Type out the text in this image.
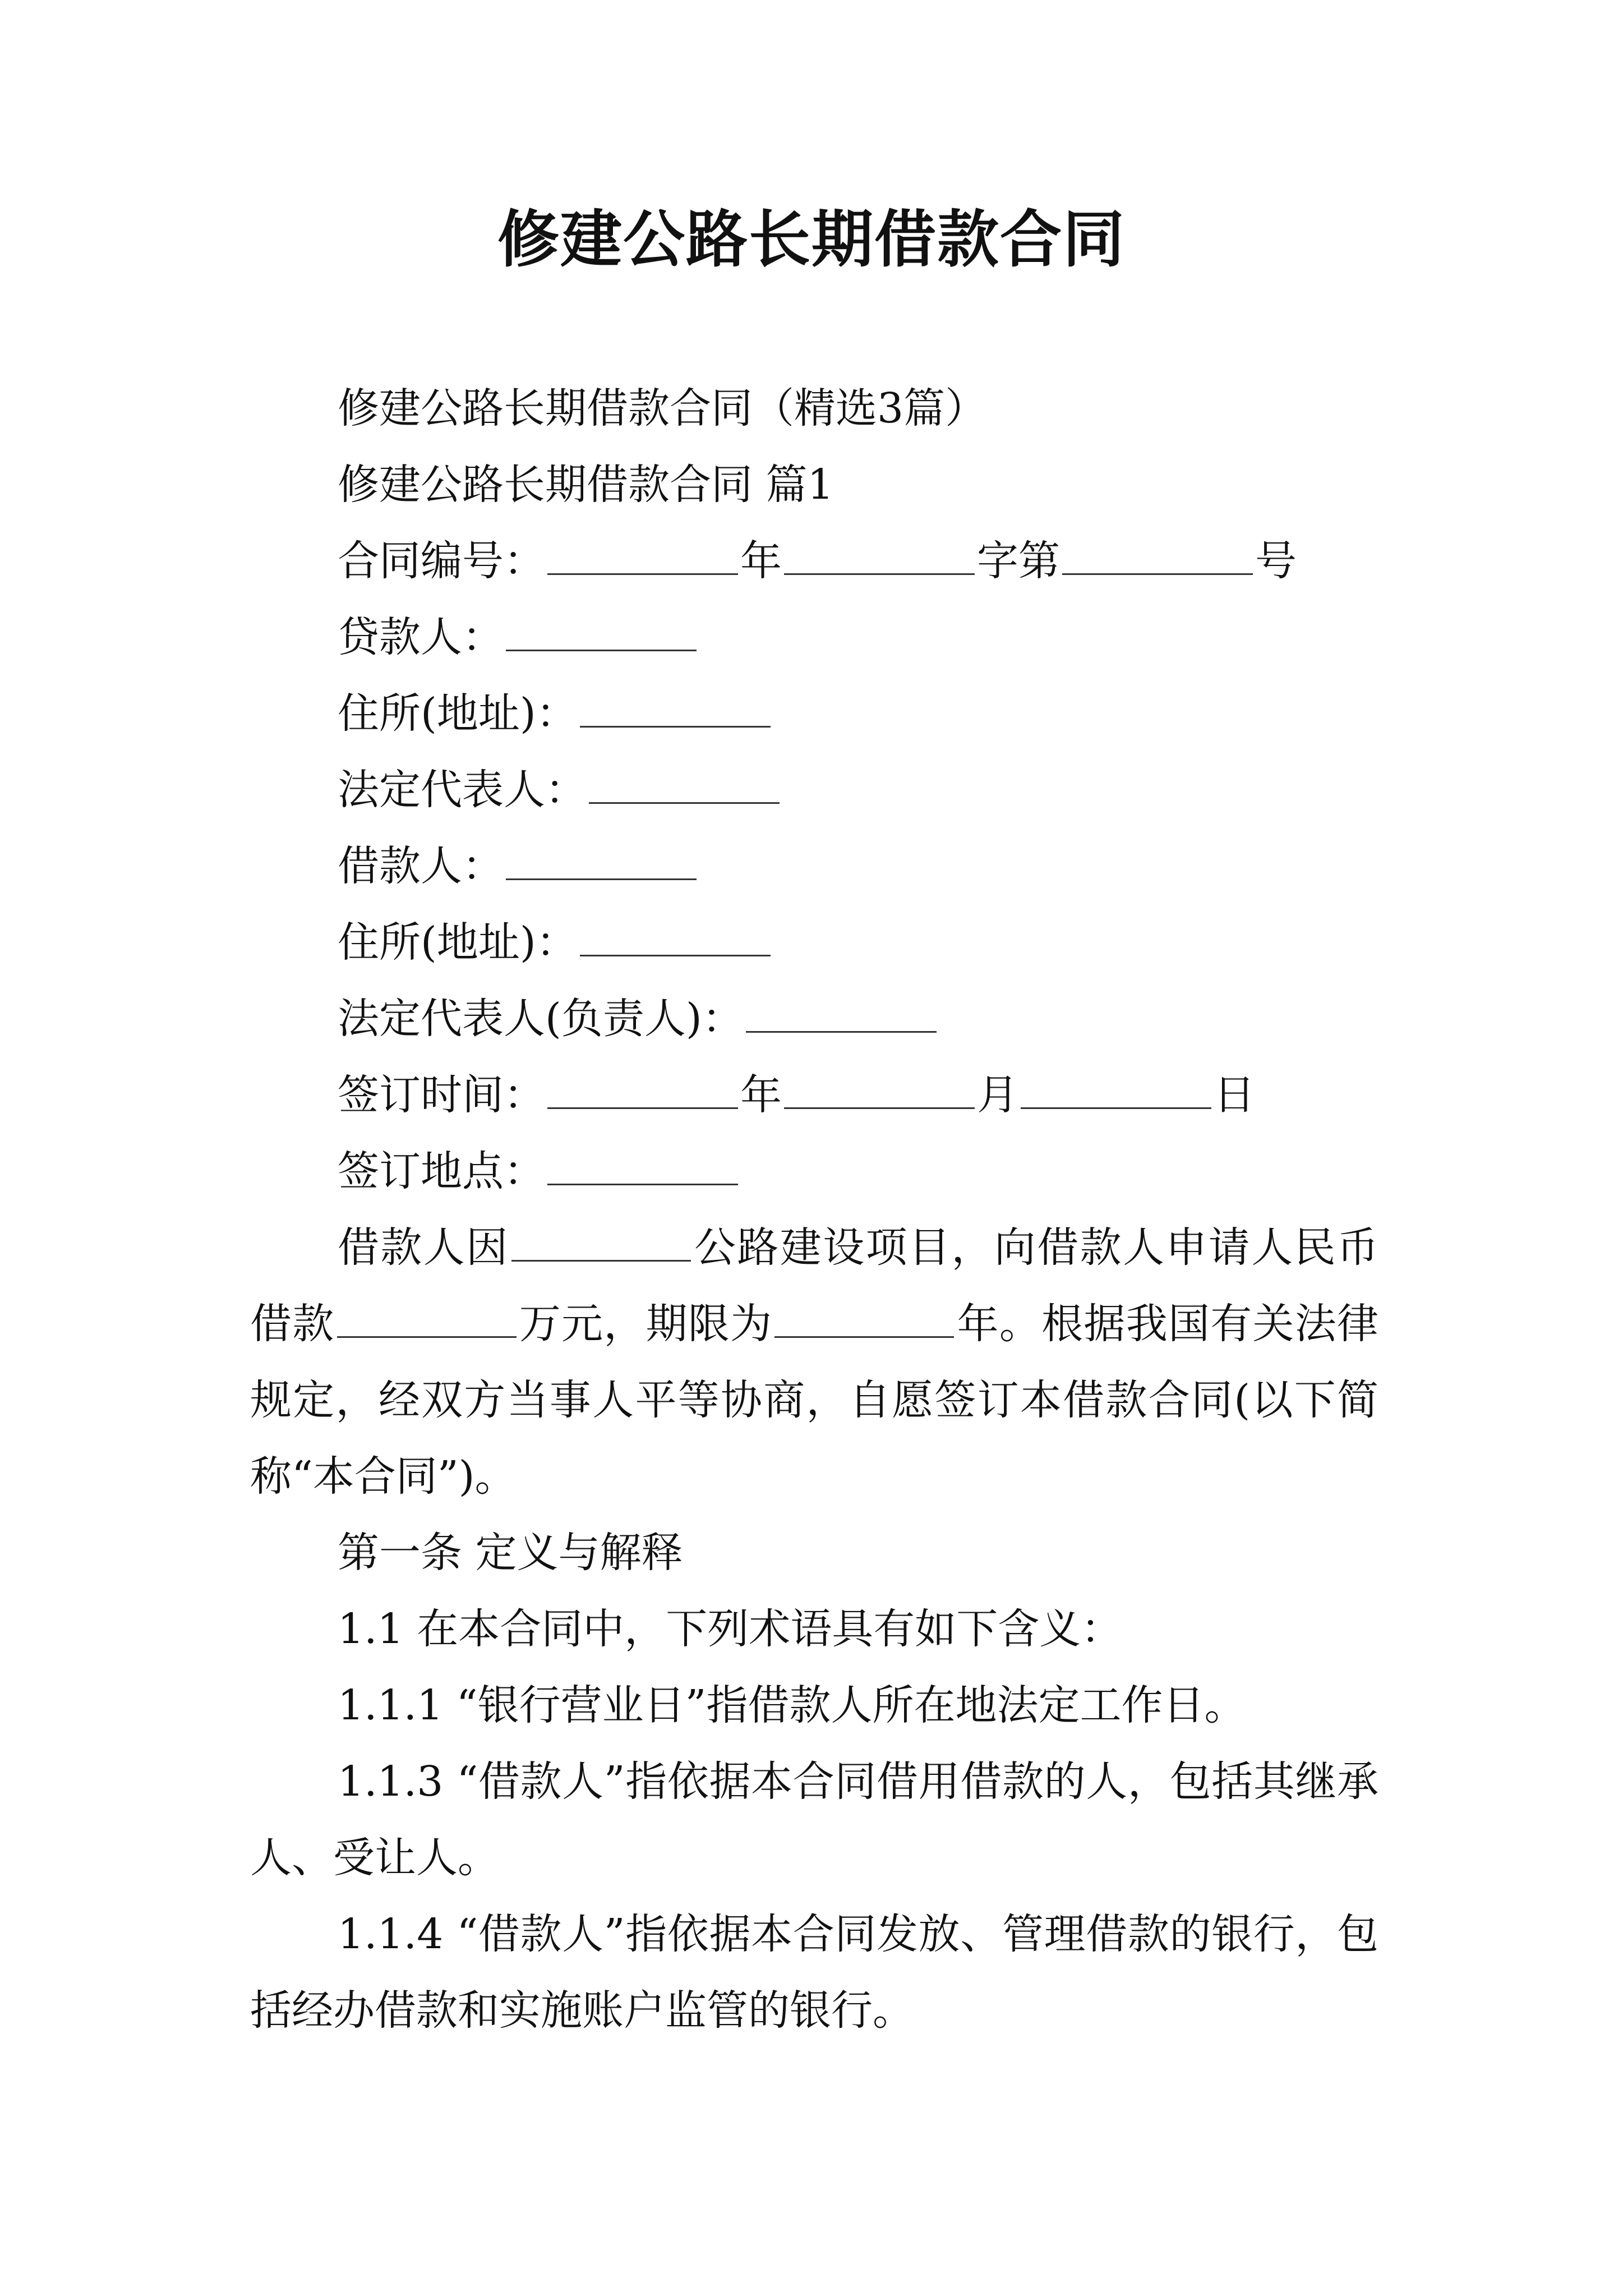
修建公路长期借款合同

修建公路长期借款合同（精选3篇）

修建公路长期借款合同 篇1

合同编号：	年	字第	号

贷款人：

住所(地址)：

法定代表人：

借款人：

住所(地址)：

法定代表人(负责人)：

签订时间：	年	月	日

签订地点：

借款人因	公路建设项目，向借款人申请人民币借款	万元，期限为	年。根据我国有关法律规定，经双方当事人平等协商，自愿签订本借款合同(以下简称“本合同”)。

第一条 定义与解释

1.1 在本合同中，下列术语具有如下含义：

1.1.1 “银行营业日”指借款人所在地法定工作日。

1.1.3 “借款人”指依据本合同借用借款的人，包括其继承人、受让人。

1.1.4 “借款人”指依据本合同发放、管理借款的银行，包括经办借款和实施账户监管的银行。
